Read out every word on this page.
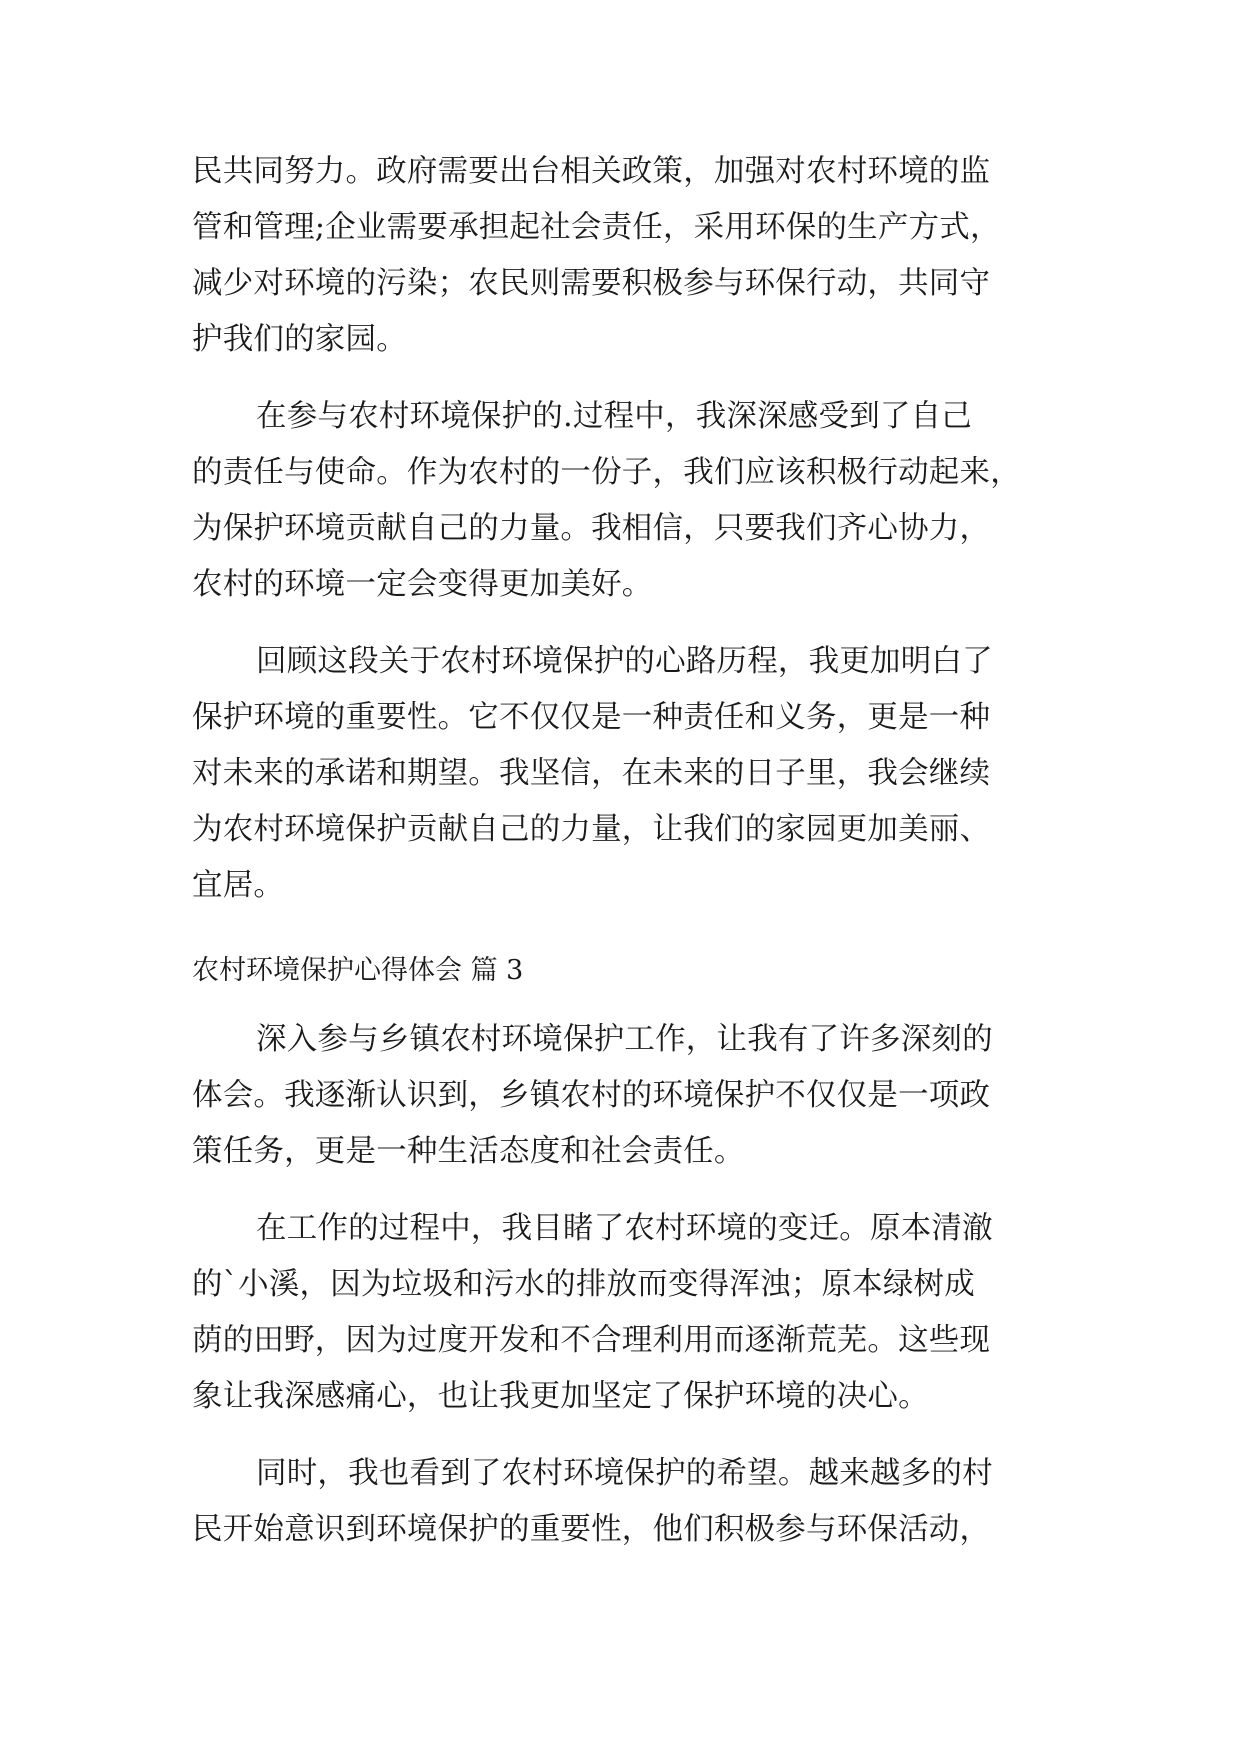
民共同努力。政府需要出台相关政策，加强对农村环境的监
管和管理;企业需要承担起社会责任，采用环保的生产方式，
减少对环境的污染；农民则需要积极参与环保行动，共同守
护我们的家园。
在参与农村环境保护的.过程中，我深深感受到了自己
的责任与使命。作为农村的一份子，我们应该积极行动起来，
为保护环境贡献自己的力量。我相信，只要我们齐心协力，
农村的环境一定会变得更加美好。
回顾这段关于农村环境保护的心路历程，我更加明白了
保护环境的重要性。它不仅仅是一种责任和义务，更是一种
对未来的承诺和期望。我坚信，在未来的日子里，我会继续
为农村环境保护贡献自己的力量，让我们的家园更加美丽、
宜居。
农村环境保护心得体会 篇 3
深入参与乡镇农村环境保护工作，让我有了许多深刻的
体会。我逐渐认识到，乡镇农村的环境保护不仅仅是一项政
策任务，更是一种生活态度和社会责任。
在工作的过程中，我目睹了农村环境的变迁。原本清澈
的`小溪，因为垃圾和污水的排放而变得浑浊；原本绿树成
荫的田野，因为过度开发和不合理利用而逐渐荒芜。这些现
象让我深感痛心，也让我更加坚定了保护环境的决心。
同时，我也看到了农村环境保护的希望。越来越多的村
民开始意识到环境保护的重要性，他们积极参与环保活动，
